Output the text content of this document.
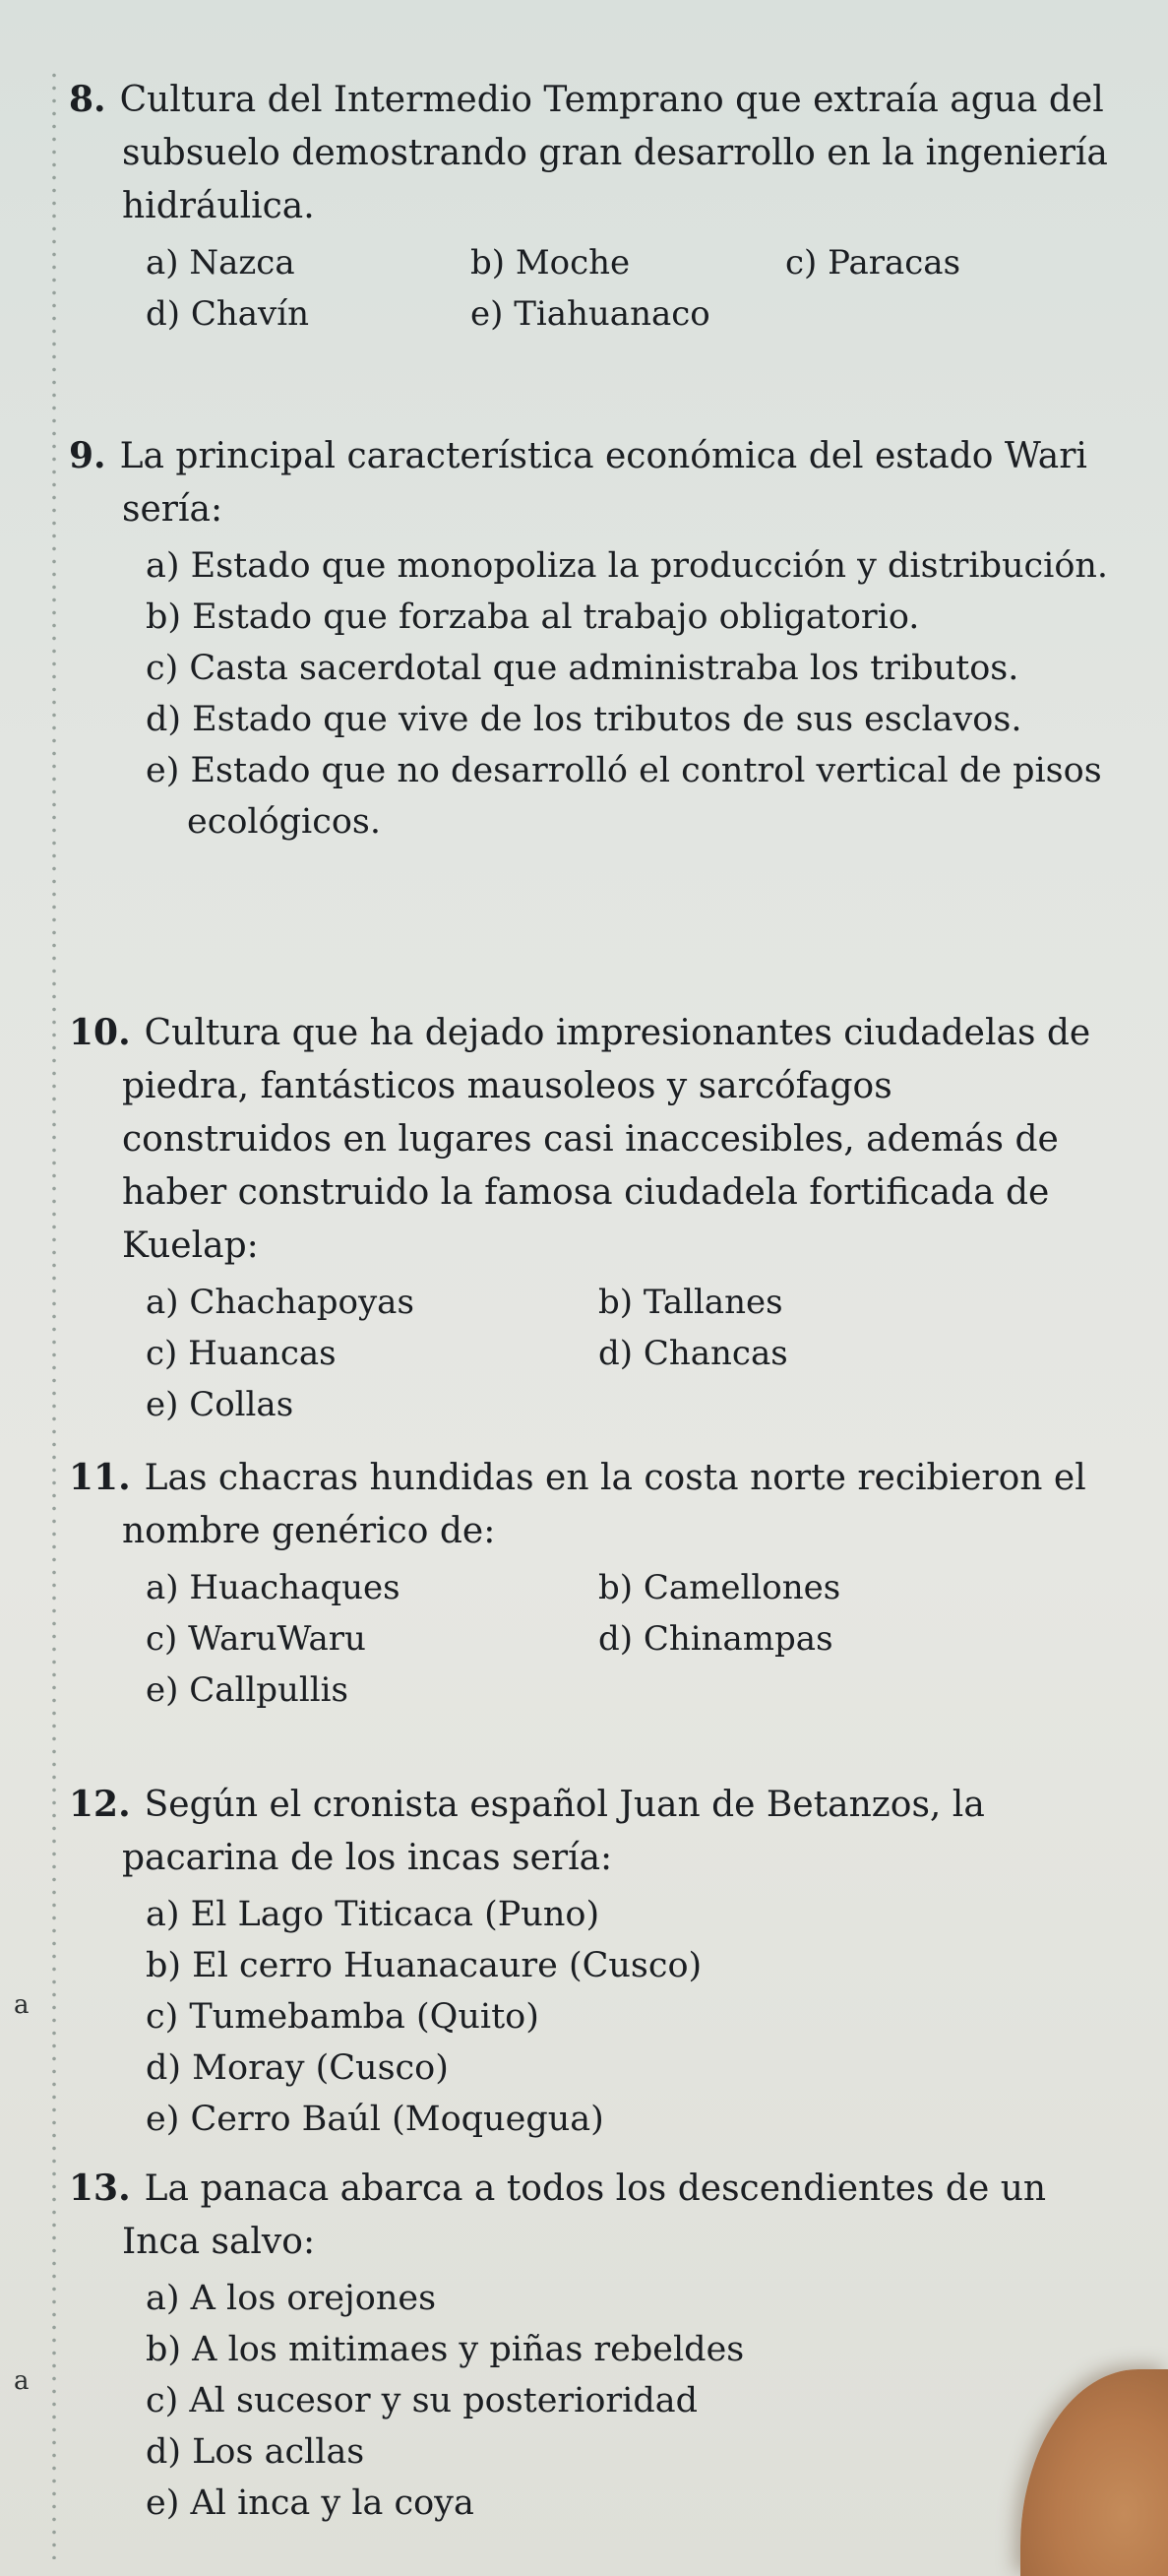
a
a

8. Cultura del Intermedio Temprano que extraía agua del subsuelo demostrando gran desarrollo en la ingeniería hidráulica.

a) Nazca	b) Moche	c) Paracas
d) Chavín	e) Tiahuanaco

9. La principal característica económica del estado Wari sería:

a) Estado que monopoliza la producción y distribución.
b) Estado que forzaba al trabajo obligatorio.
c) Casta sacerdotal que administraba los tributos.
d) Estado que vive de los tributos de sus esclavos.
e) Estado que no desarrolló el control vertical de pisos ecológicos.

10. Cultura que ha dejado impresionantes ciudadelas de piedra, fantásticos mausoleos y sarcófagos construidos en lugares casi inaccesibles, además de haber construido la famosa ciudadela fortificada de Kuelap:

a) Chachapoyas	b) Tallanes
c) Huancas	d) Chancas
e) Collas

11. Las chacras hundidas en la costa norte recibieron el nombre genérico de:

a) Huachaques	b) Camellones
c) WaruWaru	d) Chinampas
e) Callpullis

12. Según el cronista español Juan de Betanzos, la pacarina de los incas sería:

a) El Lago Titicaca (Puno)
b) El cerro Huanacaure (Cusco)
c) Tumebamba (Quito)
d) Moray (Cusco)
e) Cerro Baúl (Moquegua)

13. La panaca abarca a todos los descendientes de un Inca salvo:

a) A los orejones
b) A los mitimaes y piñas rebeldes
c) Al sucesor y su posterioridad
d) Los acllas
e) Al inca y la coya
